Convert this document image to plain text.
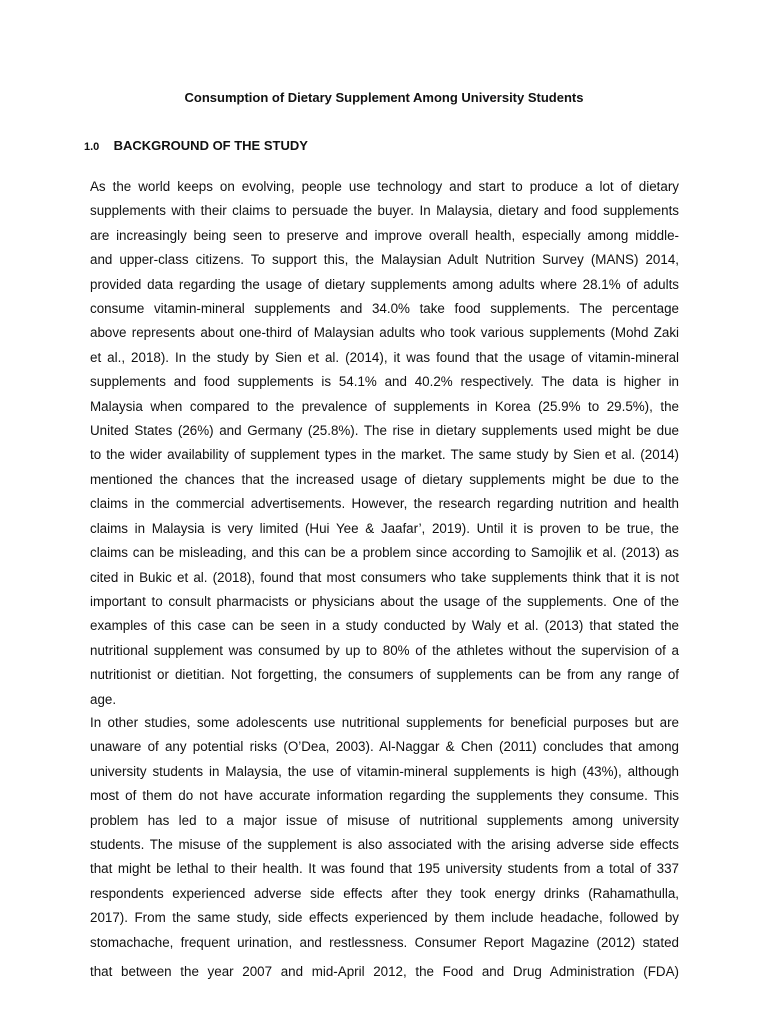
Consumption of Dietary Supplement Among University Students
1.0 BACKGROUND OF THE STUDY
As the world keeps on evolving, people use technology and start to produce a lot of dietary
supplements with their claims to persuade the buyer. In Malaysia, dietary and food supplements
are increasingly being seen to preserve and improve overall health, especially among middle-
and upper-class citizens. To support this, the Malaysian Adult Nutrition Survey (MANS) 2014,
provided data regarding the usage of dietary supplements among adults where 28.1% of adults
consume vitamin-mineral supplements and 34.0% take food supplements. The percentage
above represents about one-third of Malaysian adults who took various supplements (Mohd Zaki
et al., 2018). In the study by Sien et al. (2014), it was found that the usage of vitamin-mineral
supplements and food supplements is 54.1% and 40.2% respectively. The data is higher in
Malaysia when compared to the prevalence of supplements in Korea (25.9% to 29.5%), the
United States (26%) and Germany (25.8%). The rise in dietary supplements used might be due
to the wider availability of supplement types in the market. The same study by Sien et al. (2014)
mentioned the chances that the increased usage of dietary supplements might be due to the
claims in the commercial advertisements. However, the research regarding nutrition and health
claims in Malaysia is very limited (Hui Yee & Jaafar’, 2019). Until it is proven to be true, the
claims can be misleading, and this can be a problem since according to Samojlik et al. (2013) as
cited in Bukic et al. (2018), found that most consumers who take supplements think that it is not
important to consult pharmacists or physicians about the usage of the supplements. One of the
examples of this case can be seen in a study conducted by Waly et al. (2013) that stated the
nutritional supplement was consumed by up to 80% of the athletes without the supervision of a
nutritionist or dietitian. Not forgetting, the consumers of supplements can be from any range of
age.
In other studies, some adolescents use nutritional supplements for beneficial purposes but are
unaware of any potential risks (O’Dea, 2003). Al-Naggar & Chen (2011) concludes that among
university students in Malaysia, the use of vitamin-mineral supplements is high (43%), although
most of them do not have accurate information regarding the supplements they consume. This
problem has led to a major issue of misuse of nutritional supplements among university
students. The misuse of the supplement is also associated with the arising adverse side effects
that might be lethal to their health. It was found that 195 university students from a total of 337
respondents experienced adverse side effects after they took energy drinks (Rahamathulla,
2017). From the same study, side effects experienced by them include headache, followed by
stomachache, frequent urination, and restlessness. Consumer Report Magazine (2012) stated
that between the year 2007 and mid-April 2012, the Food and Drug Administration (FDA)
